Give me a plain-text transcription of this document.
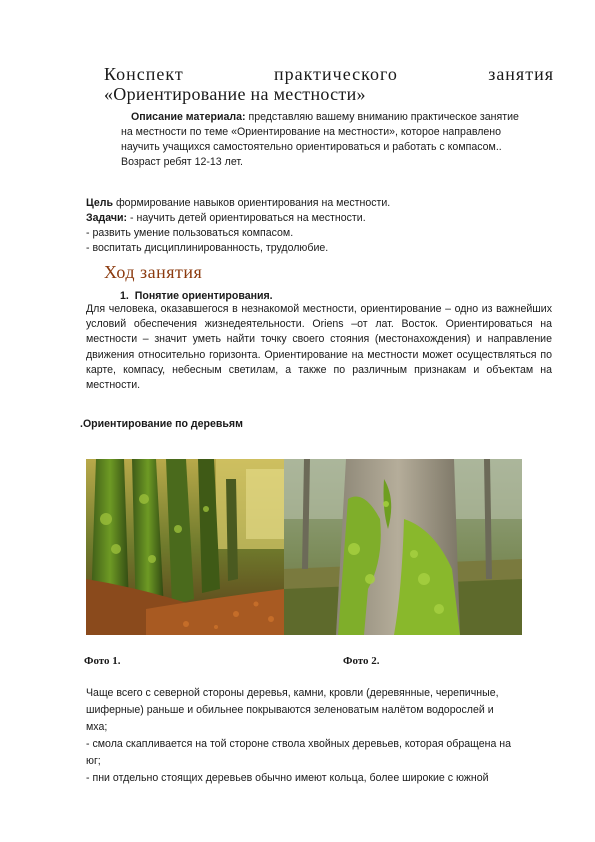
Конспект	практического	занятия
«Ориентирование на местности»
Описание материала: представляю вашему вниманию практическое занятие
на местности по теме «Ориентирование на местности», которое направлено
научить учащихся самостоятельно ориентироваться и работать с компасом..
Возраст ребят 12-13 лет.
Цель формирование навыков ориентирования на местности.
Задачи: - научить детей ориентироваться на местности.
- развить умение пользоваться компасом.
- воспитать дисциплинированность, трудолюбие.
Ход занятия
1. Понятие ориентирования.
Для человека, оказавшегося в незнакомой местности, ориентирование – одно из важнейших условий обеспечения жизнедеятельности. Oriens –от лат. Восток. Ориентироваться на местности – значит уметь найти точку своего стояния (местонахождения) и направление движения относительно горизонта. Ориентирование на местности может осуществляться по карте, компасу, небесным светилам, а также по различным признакам и объектам на местности.
.Ориентирование по деревьям
Фото 1.	Фото 2.
Чаще всего с северной стороны деревья, камни, кровли (деревянные, черепичные,
шиферные) раньше и обильнее покрываются зеленоватым налётом водорослей и
мха;
- смола скапливается на той стороне ствола хвойных деревьев, которая обращена на
юг;
- пни отдельно стоящих деревьев обычно имеют кольца, более широкие с южной
